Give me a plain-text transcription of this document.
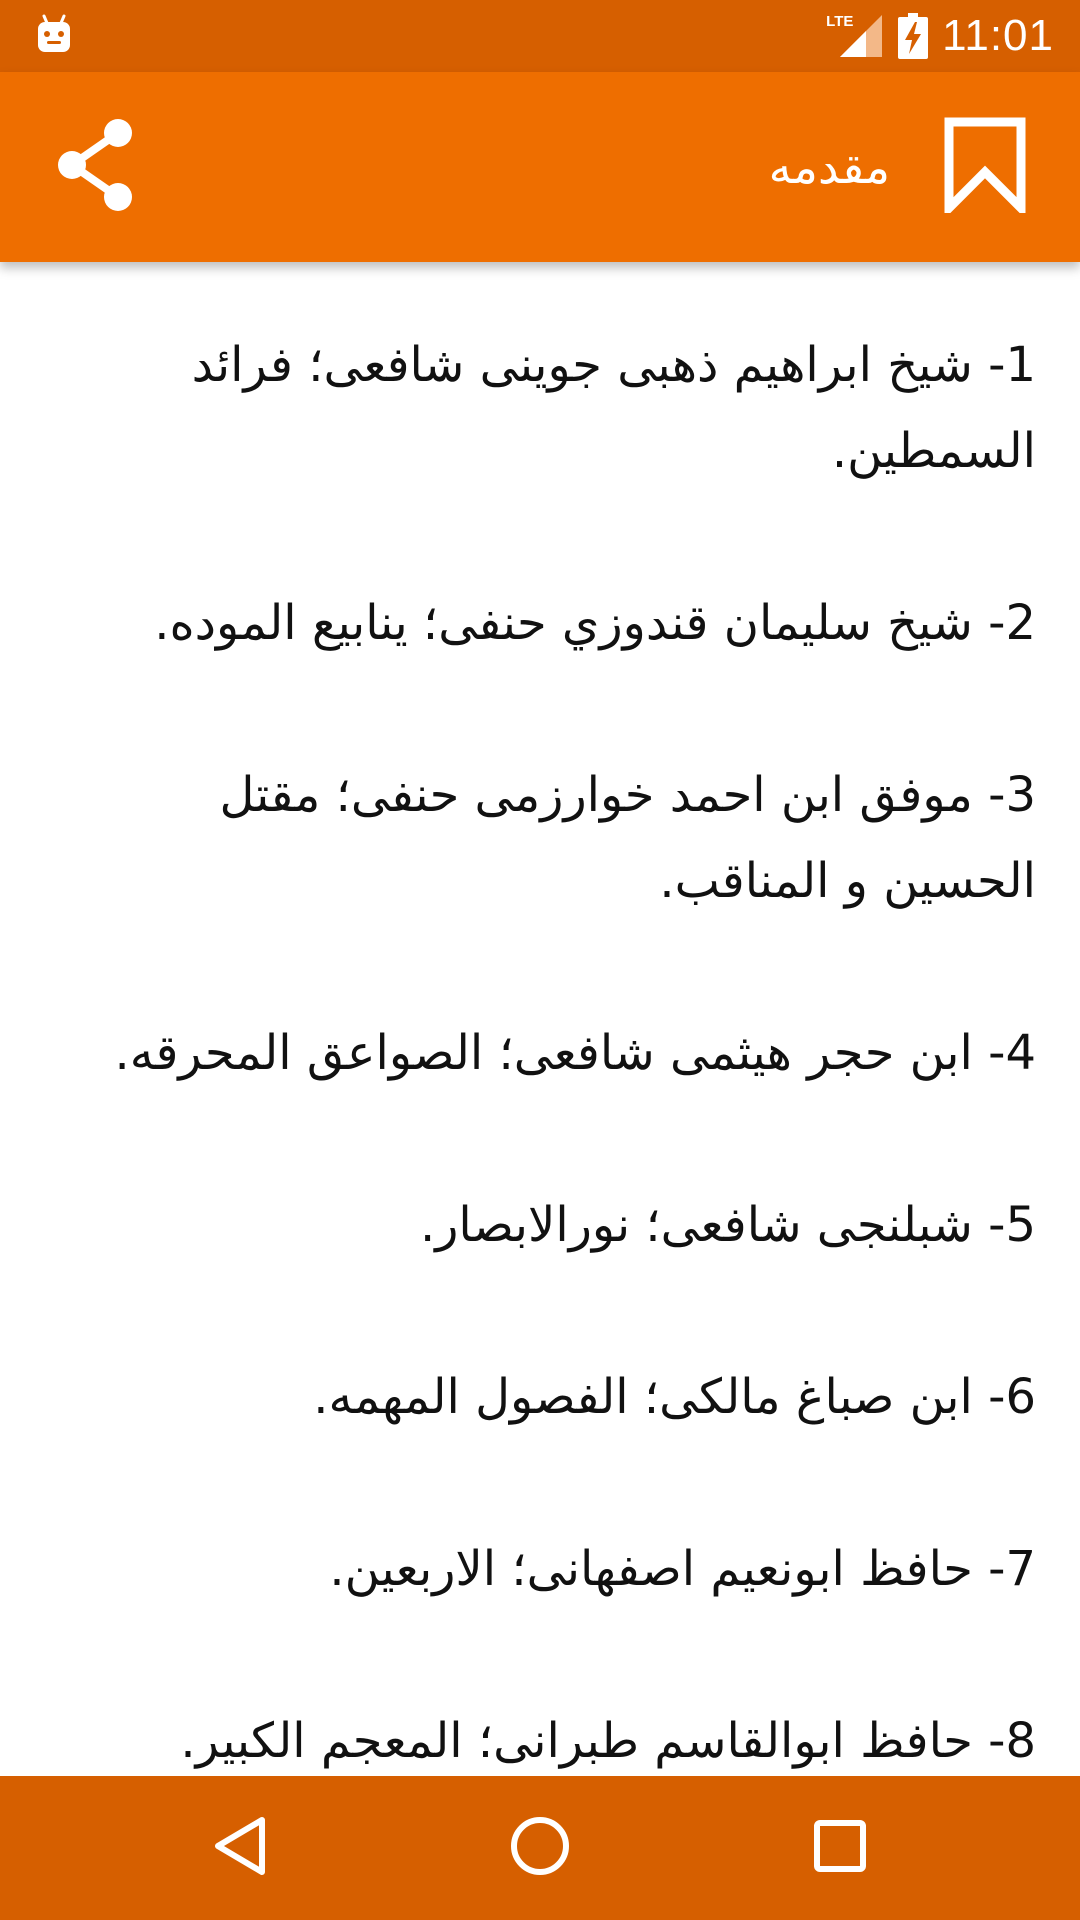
LTE 11:01
مقدمه

1- شیخ ابراهیم ذهبی جوینی شافعی؛ فرائد السمطین.

2- شیخ سلیمان قندوزي حنفی؛ ینابیع الموده.

3- موفق ابن احمد خوارزمی حنفی؛ مقتل الحسین و المناقب.

4- ابن حجر هیثمی شافعی؛ الصواعق المحرقه.

5- شبلنجی شافعی؛ نورالابصار.

6- ابن صباغ مالکی؛ الفصول المهمه.

7- حافظ ابونعیم اصفهانی؛ الاربعین.

8- حافظ ابوالقاسم طبرانی؛ المعجم الکبیر.
